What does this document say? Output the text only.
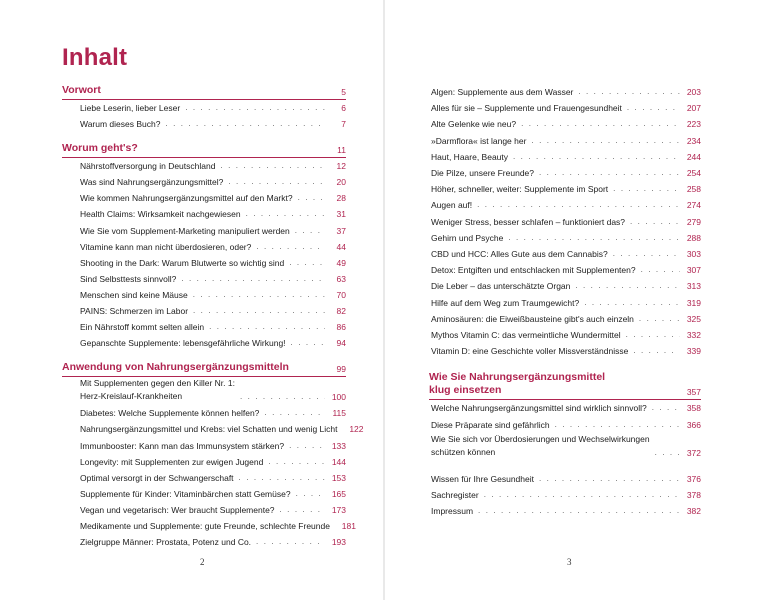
Inhalt
Vorwort	5
Liebe Leserin, lieber Leser . . .	6
Warum dieses Buch? . . .	7
Worum geht's?	11
Nährstoffversorgung in Deutschland . . .	12
Was sind Nahrungsergänzungsmittel? . . .	20
Wie kommen Nahrungsergänzungsmittel auf den Markt? . . .	28
Health Claims: Wirksamkeit nachgewiesen . . .	31
Wie Sie vom Supplement-Marketing manipuliert werden . . .	37
Vitamine kann man nicht überdosieren, oder? . . .	44
Shooting in the Dark: Warum Blutwerte so wichtig sind . . .	49
Sind Selbsttests sinnvoll? . . .	63
Menschen sind keine Mäuse . . .	70
PAINS: Schmerzen im Labor . . .	82
Ein Nährstoff kommt selten allein . . .	86
Gepanschte Supplemente: lebensgefährliche Wirkung! . . .	94
Anwendung von Nahrungsergänzungsmitteln	99
Mit Supplementen gegen den Killer Nr. 1:
Herz-Kreislauf-Krankheiten . . .	100
Diabetes: Welche Supplemente können helfen? . . .	115
Nahrungsergänzungsmittel und Krebs: viel Schatten und wenig Licht 122
Immunbooster: Kann man das Immunsystem stärken? . . .	133
Longevity: mit Supplementen zur ewigen Jugend . . .	144
Optimal versorgt in der Schwangerschaft . . .	153
Supplemente für Kinder: Vitaminbärchen statt Gemüse? . . .	165
Vegan und vegetarisch: Wer braucht Supplemente? . . .	173
Medikamente und Supplemente: gute Freunde, schlechte Freunde 181
Zielgruppe Männer: Prostata, Potenz und Co. . . .	193
2
Algen: Supplemente aus dem Wasser . . .	203
Alles für sie – Supplemente und Frauengesundheit . . .	207
Alte Gelenke wie neu? . . .	223
»Darmflora« ist lange her . . .	234
Haut, Haare, Beauty . . .	244
Die Pilze, unsere Freunde? . . .	254
Höher, schneller, weiter: Supplemente im Sport . . .	258
Augen auf! . . .	274
Weniger Stress, besser schlafen – funktioniert das? . . .	279
Gehirn und Psyche . . .	288
CBD und HCC: Alles Gute aus dem Cannabis? . . .	303
Detox: Entgiften und entschlacken mit Supplementen? . . .	307
Die Leber – das unterschätzte Organ . . .	313
Hilfe auf dem Weg zum Traumgewicht? . . .	319
Aminosäuren: die Eiweißbausteine gibt's auch einzeln . . .	325
Mythos Vitamin C: das vermeintliche Wundermittel . . .	332
Vitamin D: eine Geschichte voller Missverständnisse . . .	339
Wie Sie Nahrungsergänzungsmittel
klug einsetzen	357
Welche Nahrungsergänzungsmittel sind wirklich sinnvoll? . . .	358
Diese Präparate sind gefährlich . . .	366
Wie Sie sich vor Überdosierungen und Wechselwirkungen
schützen können . . .	372
Wissen für Ihre Gesundheit . . .	376
Sachregister . . .	378
Impressum . . .	382
3
